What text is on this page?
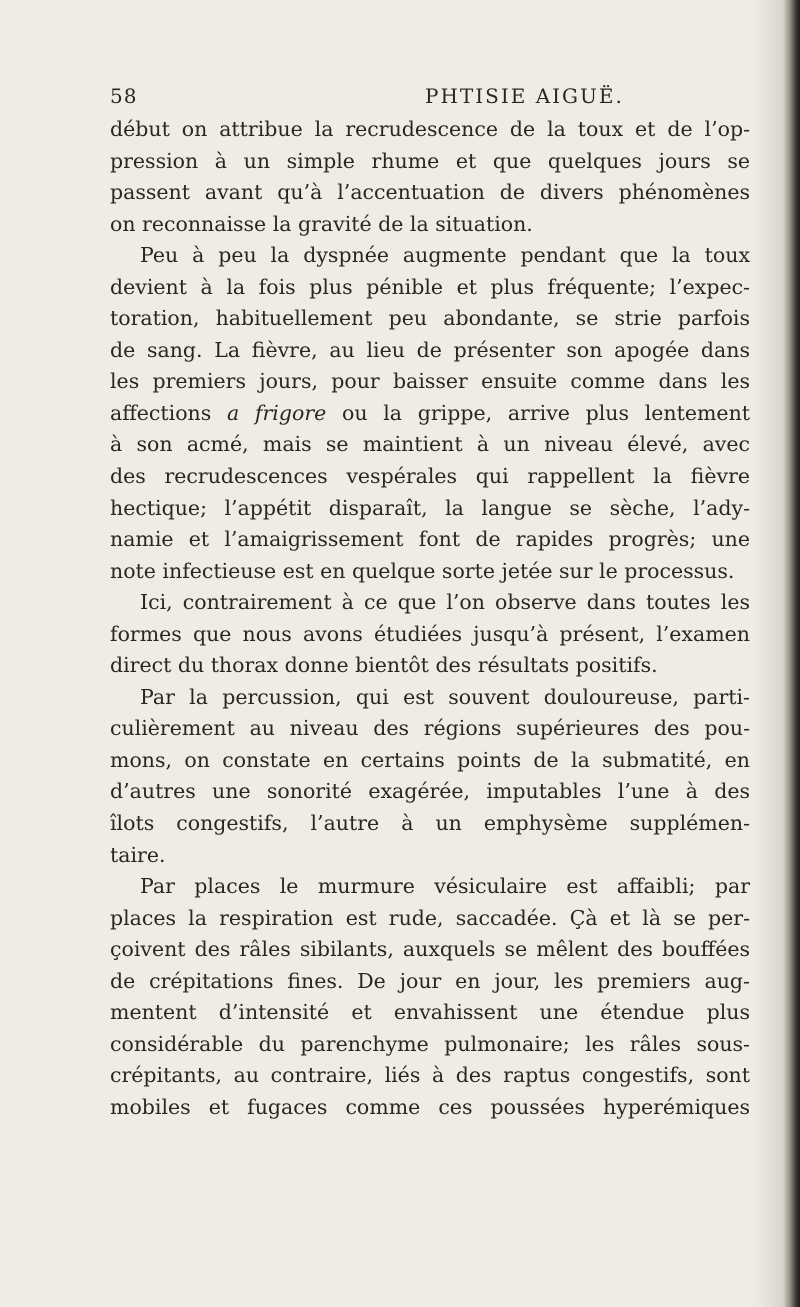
58	PHTISIE AIGUË.
début on attribue la recrudescence de la toux et de l’op-
pression à un simple rhume et que quelques jours se
passent avant qu’à l’accentuation de divers phénomènes
on reconnaisse la gravité de la situation.
Peu à peu la dyspnée augmente pendant que la toux
devient à la fois plus pénible et plus fréquente; l’expec-
toration, habituellement peu abondante, se strie parfois
de sang. La fièvre, au lieu de présenter son apogée dans
les premiers jours, pour baisser ensuite comme dans les
affections a frigore ou la grippe, arrive plus lentement
à son acmé, mais se maintient à un niveau élevé, avec
des recrudescences vespérales qui rappellent la fièvre
hectique; l’appétit disparaît, la langue se sèche, l’ady-
namie et l’amaigrissement font de rapides progrès; une
note infectieuse est en quelque sorte jetée sur le processus.
Ici, contrairement à ce que l’on observe dans toutes les
formes que nous avons étudiées jusqu’à présent, l’examen
direct du thorax donne bientôt des résultats positifs.
Par la percussion, qui est souvent douloureuse, parti-
culièrement au niveau des régions supérieures des pou-
mons, on constate en certains points de la submatité, en
d’autres une sonorité exagérée, imputables l’une à des
îlots congestifs, l’autre à un emphysème supplémen-
taire.
Par places le murmure vésiculaire est affaibli; par
places la respiration est rude, saccadée. Çà et là se per-
çoivent des râles sibilants, auxquels se mêlent des bouffées
de crépitations fines. De jour en jour, les premiers aug-
mentent d’intensité et envahissent une étendue plus
considérable du parenchyme pulmonaire; les râles sous-
crépitants, au contraire, liés à des raptus congestifs, sont
mobiles et fugaces comme ces poussées hyperémiques
